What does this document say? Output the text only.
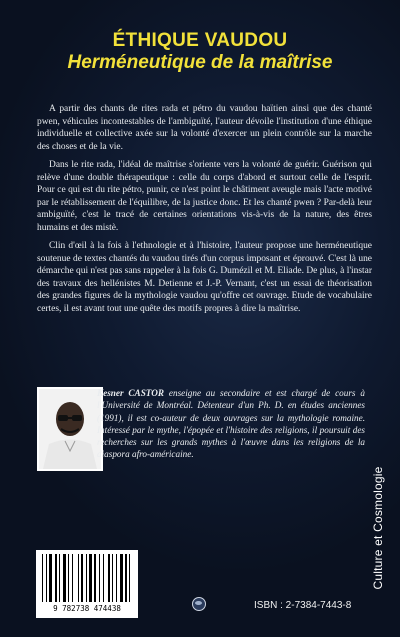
ÉTHIQUE VAUDOU
Herméneutique de la maîtrise

A partir des chants de rites rada et pétro du vaudou haïtien ainsi que des chanté pwen, véhicules incontestables de l'ambiguïté, l'auteur dévoile l'institution d'une éthique individuelle et collective axée sur la volonté d'exercer un plein contrôle sur la marche des choses et de la vie.

Dans le rite rada, l'idéal de maîtrise s'oriente vers la volonté de guérir. Guérison qui relève d'une double thérapeutique : celle du corps d'abord et surtout celle de l'esprit. Pour ce qui est du rite pétro, punir, ce n'est point le châtiment aveugle mais l'acte motivé par le rétablissement de l'équilibre, de la justice donc. Et les chanté pwen ? Par-delà leur ambiguïté, c'est le tracé de certaines orientations vis-à-vis de la nature, des êtres humains et des mistè.

Clin d'œil à la fois à l'ethnologie et à l'histoire, l'auteur propose une herméneutique soutenue de textes chantés du vaudou tirés d'un corpus imposant et éprouvé. C'est là une démarche qui n'est pas sans rappeler à la fois G. Dumézil et M. Eliade. De plus, à l'instar des travaux des hellénistes M. Detienne et J.-P. Vernant, c'est un essai de théorisation des grandes figures de la mythologie vaudou qu'offre cet ouvrage. Etude de vocabulaire certes, il est avant tout une quête des motifs propres à dire la maîtrise.

Kesner CASTOR enseigne au secondaire et est chargé de cours à l'Université de Montréal. Détenteur d'un Ph. D. en études anciennes (1991), il est co-auteur de deux ouvrages sur la mythologie romaine. Intéressé par le mythe, l'épopée et l'histoire des religions, il poursuit des recherches sur les grands mythes à l'œuvre dans les religions de la diaspora afro-américaine.
Culture et Cosmologie
9 782738 474438	ISBN : 2-7384-7443-8
